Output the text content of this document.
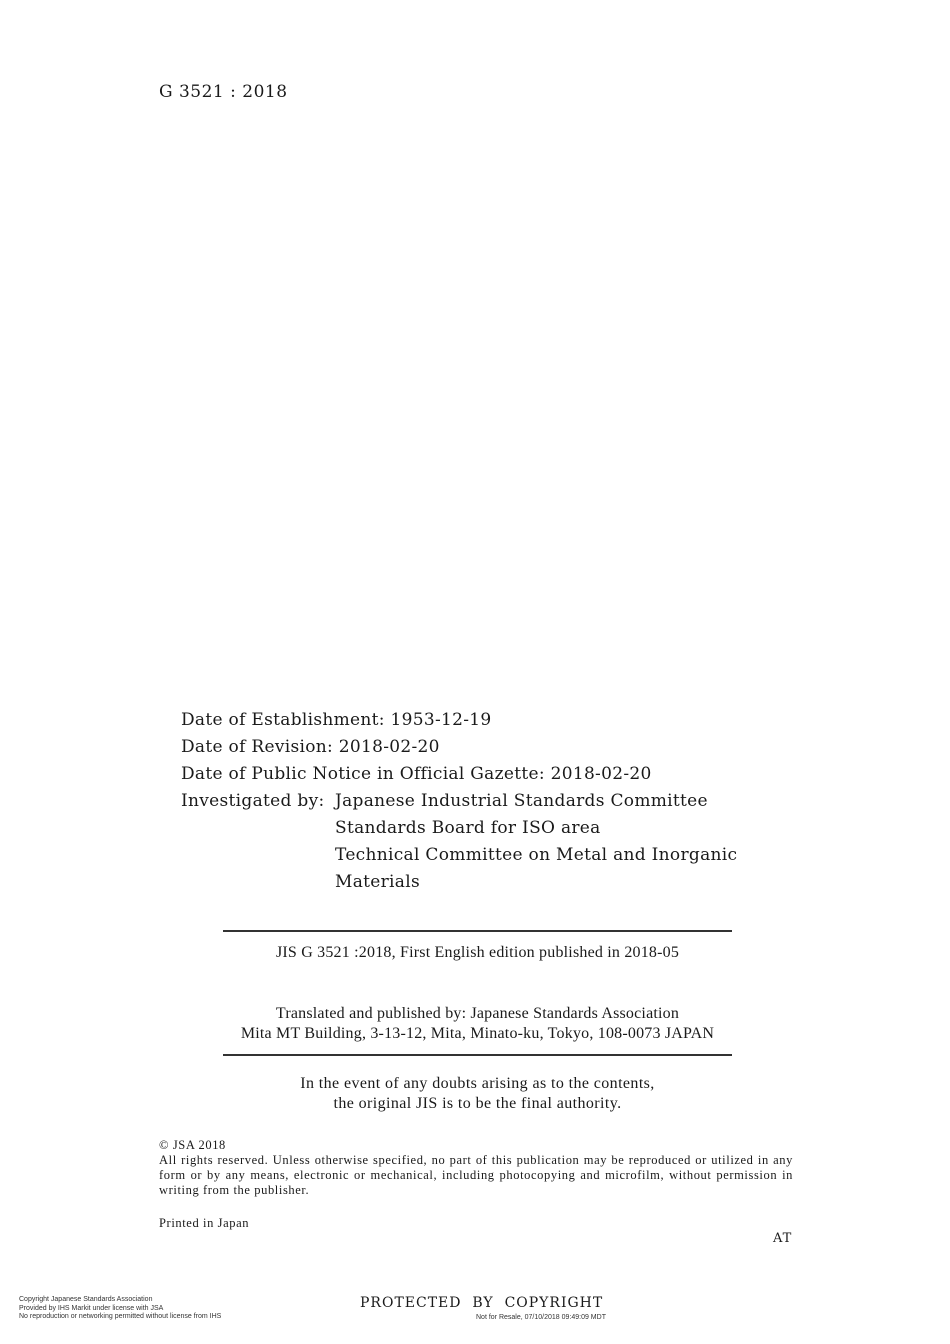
G 3521 : 2018
Date of Establishment: 1953-12-19
Date of Revision: 2018-02-20
Date of Public Notice in Official Gazette: 2018-02-20
Investigated by: Japanese Industrial Standards Committee
Standards Board for ISO area
Technical Committee on Metal and Inorganic
Materials
JIS G 3521 :2018, First English edition published in 2018-05
Translated and published by: Japanese Standards Association
Mita MT Building, 3-13-12, Mita, Minato-ku, Tokyo, 108-0073 JAPAN
In the event of any doubts arising as to the contents,
the original JIS is to be the final authority.
© JSA 2018
All rights reserved. Unless otherwise specified, no part of this publication may be reproduced or utilized in any form or by any means, electronic or mechanical, including photocopying and microfilm, without permission in writing from the publisher.
Printed in Japan
AT
Copyright Japanese Standards Association
Provided by IHS Markit under license with JSA
No reproduction or networking permitted without license from IHS
PROTECTED  BY  COPYRIGHT
Not for Resale, 07/10/2018 09:49:09 MDT
